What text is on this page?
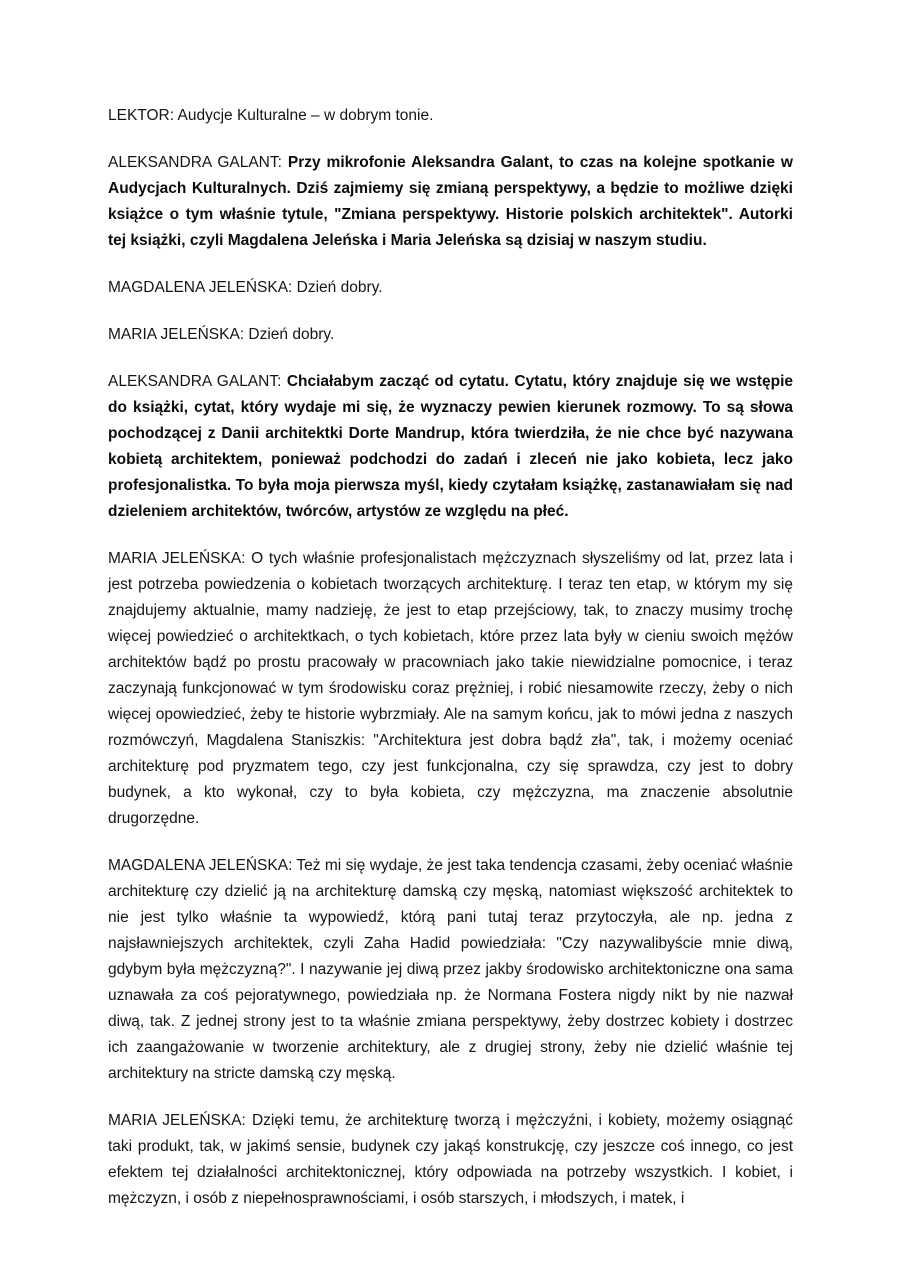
LEKTOR: Audycje Kulturalne – w dobrym tonie.

ALEKSANDRA GALANT: Przy mikrofonie Aleksandra Galant, to czas na kolejne spotkanie w Audycjach Kulturalnych. Dziś zajmiemy się zmianą perspektywy, a będzie to możliwe dzięki książce o tym właśnie tytule, "Zmiana perspektywy. Historie polskich architektek". Autorki tej książki, czyli Magdalena Jeleńska i Maria Jeleńska są dzisiaj w naszym studiu.

MAGDALENA JELEŃSKA: Dzień dobry.

MARIA JELEŃSKA: Dzień dobry.

ALEKSANDRA GALANT: Chciałabym zacząć od cytatu. Cytatu, który znajduje się we wstępie do książki, cytat, który wydaje mi się, że wyznaczy pewien kierunek rozmowy. To są słowa pochodzącej z Danii architektki Dorte Mandrup, która twierdziła, że nie chce być nazywana kobietą architektem, ponieważ podchodzi do zadań i zleceń nie jako kobieta, lecz jako profesjonalistka. To była moja pierwsza myśl, kiedy czytałam książkę, zastanawiałam się nad dzieleniem architektów, twórców, artystów ze względu na płeć.

MARIA JELEŃSKA: O tych właśnie profesjonalistach mężczyznach słyszeliśmy od lat, przez lata i jest potrzeba powiedzenia o kobietach tworzących architekturę. I teraz ten etap, w którym my się znajdujemy aktualnie, mamy nadzieję, że jest to etap przejściowy, tak, to znaczy musimy trochę więcej powiedzieć o architektkach, o tych kobietach, które przez lata były w cieniu swoich mężów architektów bądź po prostu pracowały w pracowniach jako takie niewidzialne pomocnice, i teraz zaczynają funkcjonować w tym środowisku coraz prężniej, i robić niesamowite rzeczy, żeby o nich więcej opowiedzieć, żeby te historie wybrzmiały. Ale na samym końcu, jak to mówi jedna z naszych rozmówczyń, Magdalena Staniszkis: "Architektura jest dobra bądź zła", tak, i możemy oceniać architekturę pod pryzmatem tego, czy jest funkcjonalna, czy się sprawdza, czy jest to dobry budynek, a kto wykonał, czy to była kobieta, czy mężczyzna, ma znaczenie absolutnie drugorzędne.

MAGDALENA JELEŃSKA: Też mi się wydaje, że jest taka tendencja czasami, żeby oceniać właśnie architekturę czy dzielić ją na architekturę damską czy męską, natomiast większość architektek to nie jest tylko właśnie ta wypowiedź, którą pani tutaj teraz przytoczyła, ale np. jedna z najsławniejszych architektek, czyli Zaha Hadid powiedziała: "Czy nazywalibyście mnie diwą, gdybym była mężczyzną?". I nazywanie jej diwą przez jakby środowisko architektoniczne ona sama uznawała za coś pejoratywnego, powiedziała np. że Normana Fostera nigdy nikt by nie nazwał diwą, tak. Z jednej strony jest to ta właśnie zmiana perspektywy, żeby dostrzec kobiety i dostrzec ich zaangażowanie w tworzenie architektury, ale z drugiej strony, żeby nie dzielić właśnie tej architektury na stricte damską czy męską.

MARIA JELEŃSKA: Dzięki temu, że architekturę tworzą i mężczyźni, i kobiety, możemy osiągnąć taki produkt, tak, w jakimś sensie, budynek czy jakąś konstrukcję, czy jeszcze coś innego, co jest efektem tej działalności architektonicznej, który odpowiada na potrzeby wszystkich. I kobiet, i mężczyzn, i osób z niepełnosprawnościami, i osób starszych, i młodszych, i matek, i
